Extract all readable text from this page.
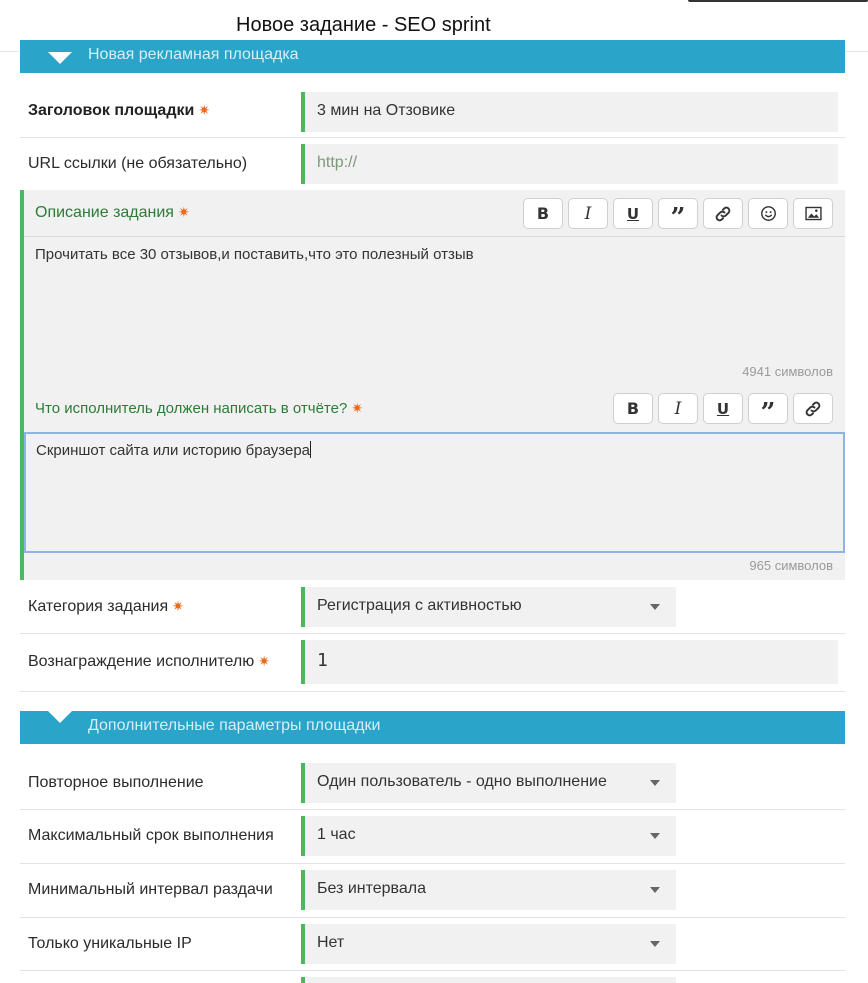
Новое задание - SEO sprint
Новая рекламная площадка
Заголовок площадки ✷	3 мин на Отзовике
URL ссылки (не обязательно)	http://
Описание задания ✷	B I U ”
Прочитать все 30 отзывов,и поставить,что это полезный отзыв
4941 символов
Что исполнитель должен написать в отчёте? ✷	B I U ”
Скриншот сайта или историю браузера
965 символов
Категория задания ✷	Регистрация с активностью
Вознаграждение исполнителю ✷	1
Дополнительные параметры площадки
Повторное выполнение	Один пользователь - одно выполнение
Максимальный срок выполнения	1 час
Минимальный интервал раздачи	Без интервала
Только уникальные IP	Нет
